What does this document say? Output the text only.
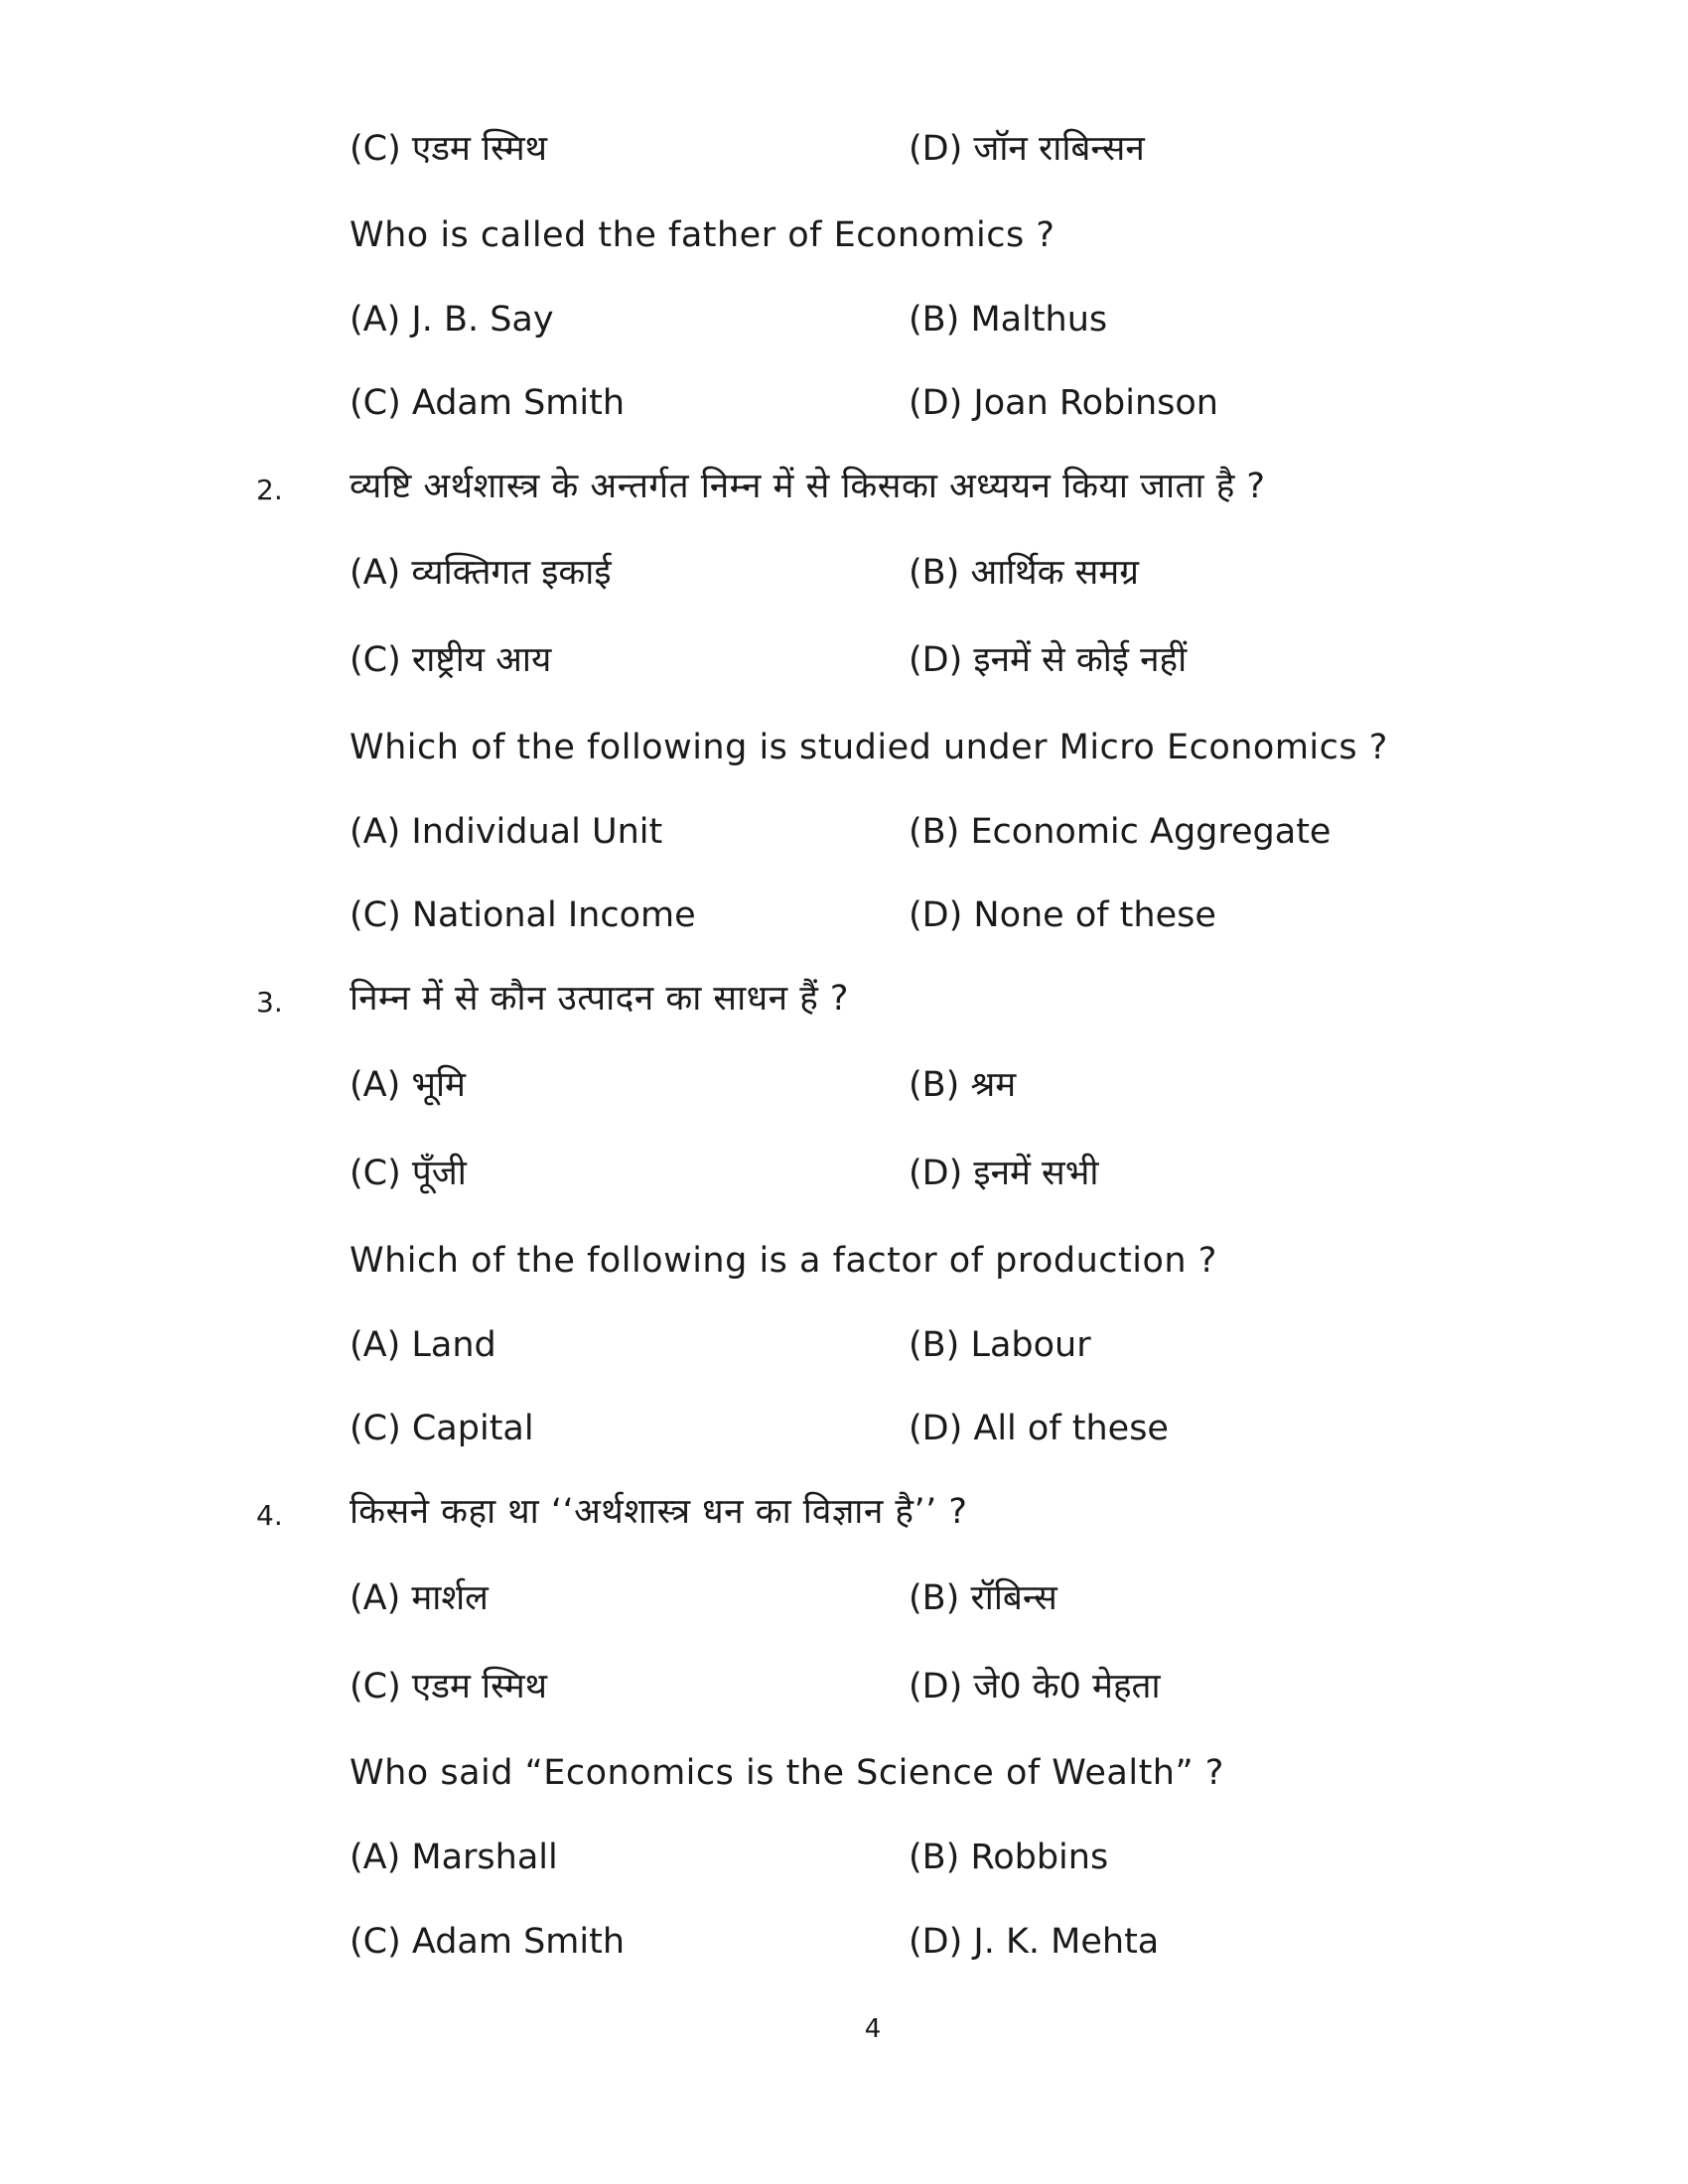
(C) एडम स्मिथ	(D) जॉन राबिन्सन
Who is called the father of Economics ?
(A) J. B. Say	(B) Malthus
(C) Adam Smith	(D) Joan Robinson
2. व्यष्टि अर्थशास्त्र के अन्तर्गत निम्न में से किसका अध्ययन किया जाता है ?
(A) व्यक्तिगत इकाई	(B) आर्थिक समग्र
(C) राष्ट्रीय आय	(D) इनमें से कोई नहीं
Which of the following is studied under Micro Economics ?
(A) Individual Unit	(B) Economic Aggregate
(C) National Income	(D) None of these
3. निम्न में से कौन उत्पादन का साधन हैं ?
(A) भूमि	(B) श्रम
(C) पूँजी	(D) इनमें सभी
Which of the following is a factor of production ?
(A) Land	(B) Labour
(C) Capital	(D) All of these
4. किसने कहा था ‘‘अर्थशास्त्र धन का विज्ञान है’’ ?
(A) मार्शल	(B) रॉबिन्स
(C) एडम स्मिथ	(D) जे0 के0 मेहता
Who said “Economics is the Science of Wealth” ?
(A) Marshall	(B) Robbins
(C) Adam Smith	(D) J. K. Mehta
4
